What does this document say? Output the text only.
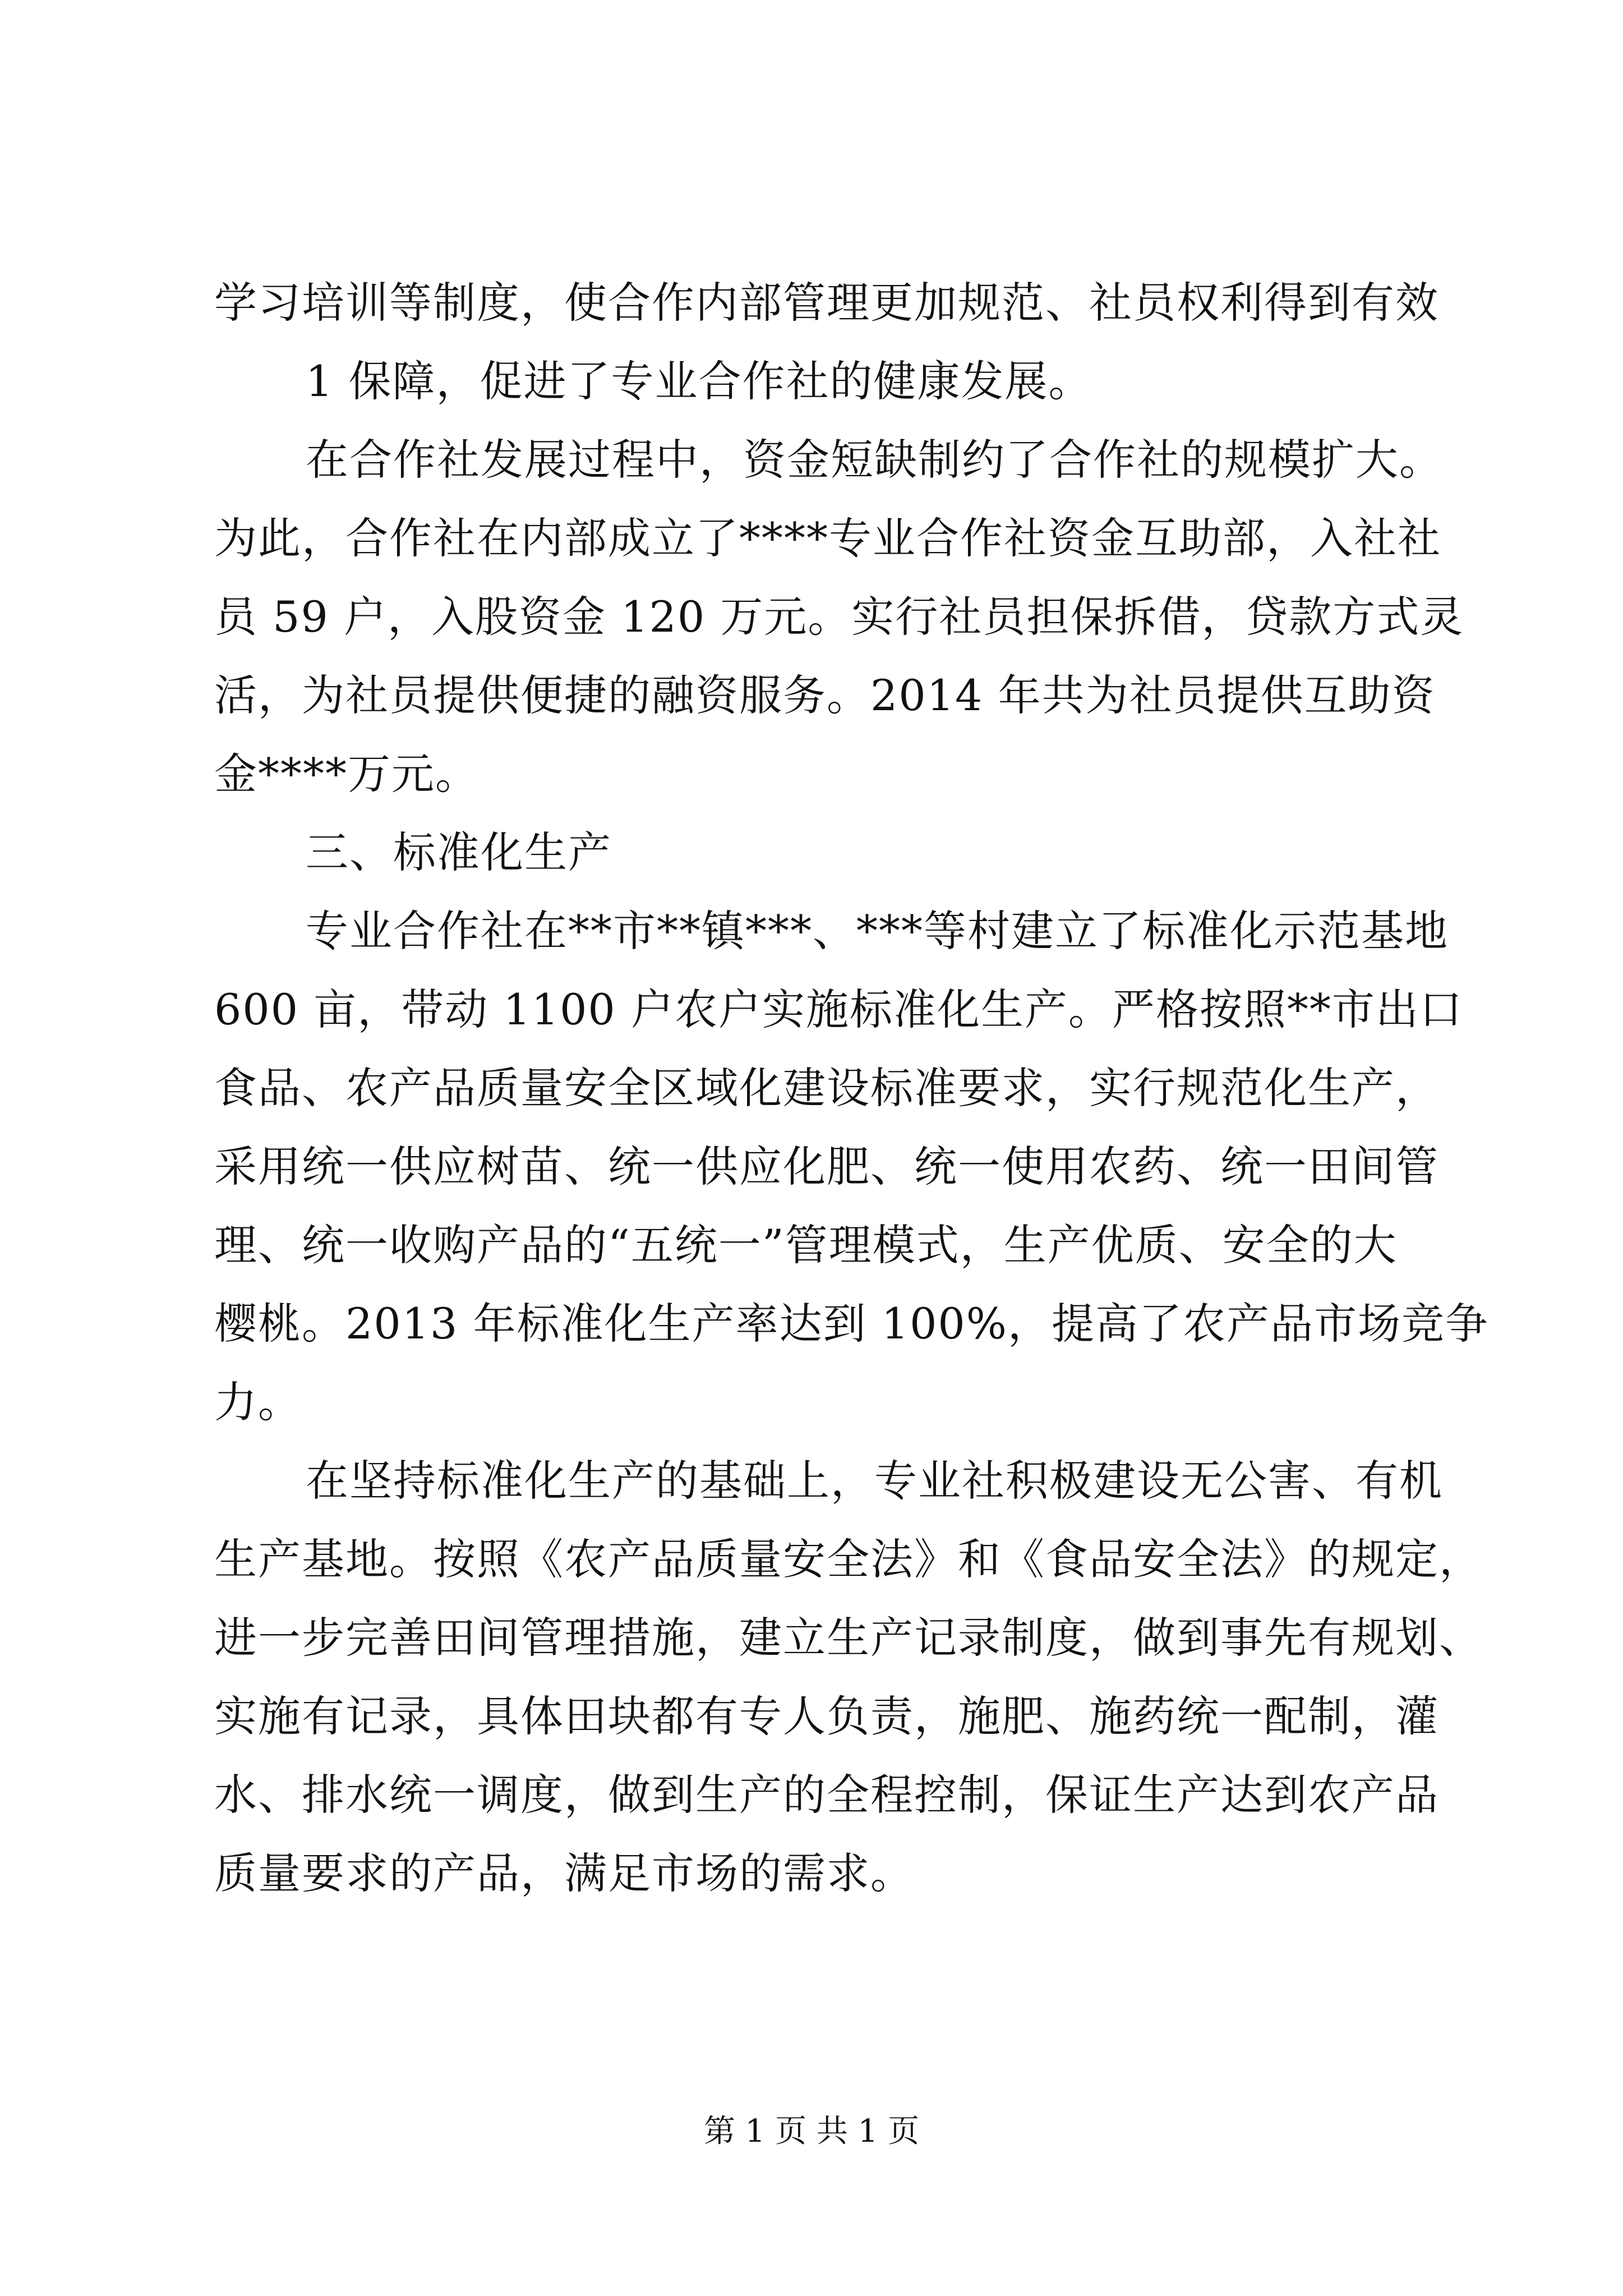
学习培训等制度，使合作内部管理更加规范、社员权利得到有效
1 保障，促进了专业合作社的健康发展。
在合作社发展过程中，资金短缺制约了合作社的规模扩大。
为此，合作社在内部成立了****专业合作社资金互助部，入社社
员 59 户，入股资金 120 万元。实行社员担保拆借，贷款方式灵
活，为社员提供便捷的融资服务。2014 年共为社员提供互助资
金****万元。
三、标准化生产
专业合作社在**市**镇***、***等村建立了标准化示范基地
600 亩，带动 1100 户农户实施标准化生产。严格按照**市出口
食品、农产品质量安全区域化建设标准要求，实行规范化生产，
采用统一供应树苗、统一供应化肥、统一使用农药、统一田间管
理、统一收购产品的“五统一”管理模式，生产优质、安全的大
樱桃。2013 年标准化生产率达到 100%，提高了农产品市场竞争
力。
在坚持标准化生产的基础上，专业社积极建设无公害、有机
生产基地。按照《农产品质量安全法》和《食品安全法》的规定，
进一步完善田间管理措施，建立生产记录制度，做到事先有规划、
实施有记录，具体田块都有专人负责，施肥、施药统一配制，灌
水、排水统一调度，做到生产的全程控制，保证生产达到农产品
质量要求的产品，满足市场的需求。
第 1 页 共 1 页
